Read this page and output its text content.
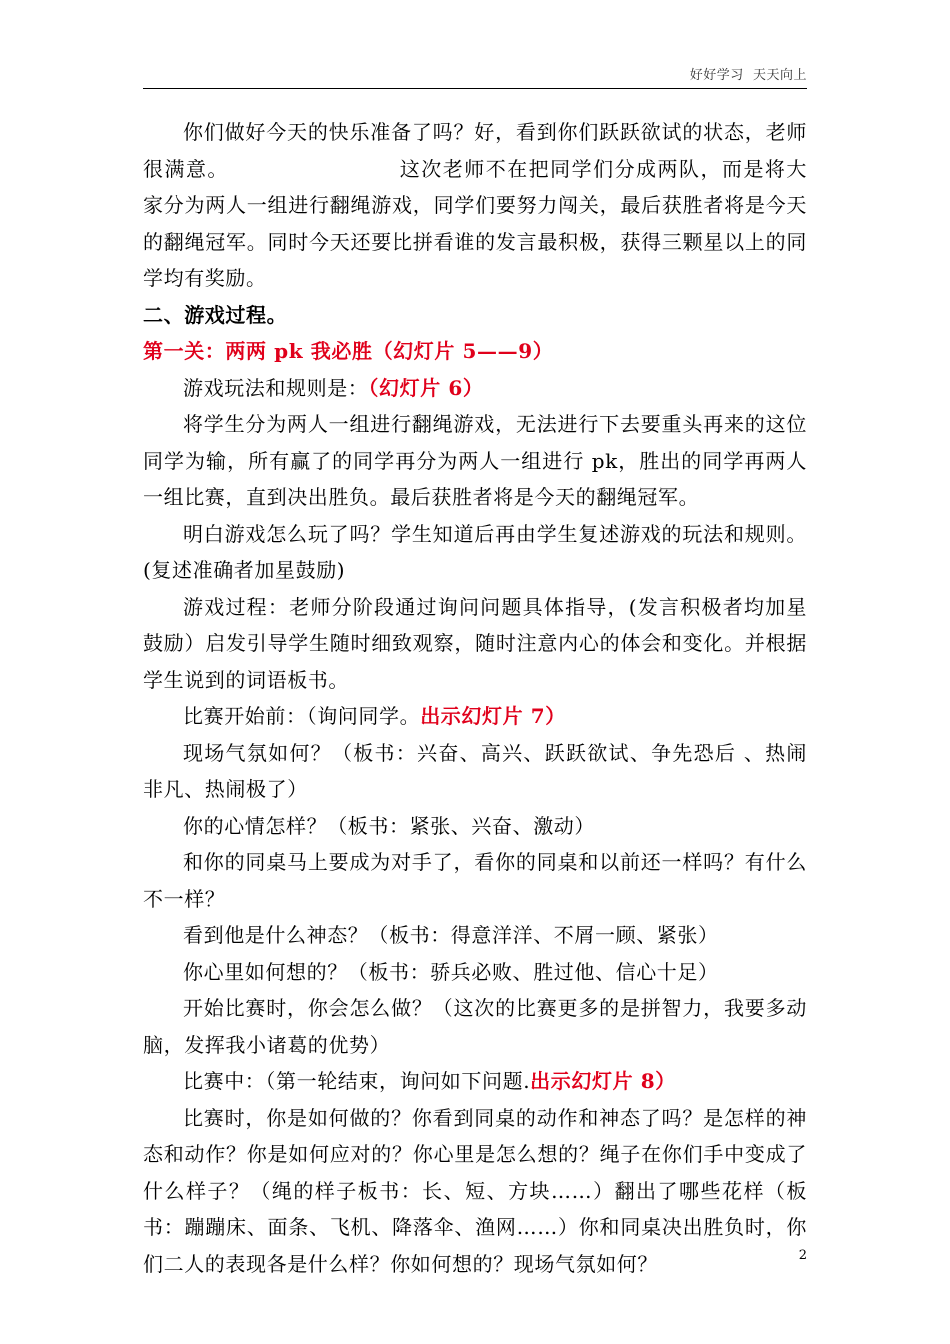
好好学习  天天向上

你们做好今天的快乐准备了吗？好，看到你们跃跃欲试的状态，老师很满意。	这次老师不在把同学们分成两队，而是将大家分为两人一组进行翻绳游戏，同学们要努力闯关，最后获胜者将是今天的翻绳冠军。同时今天还要比拼看谁的发言最积极，获得三颗星以上的同学均有奖励。

二、游戏过程。

第一关：两两 pk 我必胜（幻灯片 5——9）

游戏玩法和规则是：（幻灯片 6）

将学生分为两人一组进行翻绳游戏，无法进行下去要重头再来的这位同学为输，所有赢了的同学再分为两人一组进行 pk，胜出的同学再两人一组比赛，直到决出胜负。最后获胜者将是今天的翻绳冠军。

明白游戏怎么玩了吗？学生知道后再由学生复述游戏的玩法和规则。(复述准确者加星鼓励)

游戏过程：老师分阶段通过询问问题具体指导，(发言积极者均加星鼓励）启发引导学生随时细致观察，随时注意内心的体会和变化。并根据学生说到的词语板书。

比赛开始前：（询问同学。出示幻灯片 7）

现场气氛如何？（板书：兴奋、高兴、跃跃欲试、争先恐后 、热闹非凡、热闹极了）

你的心情怎样？（板书：紧张、兴奋、激动）

和你的同桌马上要成为对手了，看你的同桌和以前还一样吗？有什么不一样？

看到他是什么神态？（板书：得意洋洋、不屑一顾、紧张）

你心里如何想的？（板书：骄兵必败、胜过他、信心十足）

开始比赛时，你会怎么做？（这次的比赛更多的是拼智力，我要多动脑，发挥我小诸葛的优势）

比赛中：（第一轮结束，询问如下问题.出示幻灯片 8）

比赛时，你是如何做的？你看到同桌的动作和神态了吗？是怎样的神态和动作？你是如何应对的？你心里是怎么想的？绳子在你们手中变成了什么样子？（绳的样子板书：长、短、方块……）翻出了哪些花样（板书：蹦蹦床、面条、飞机、降落伞、渔网……）你和同桌决出胜负时，你们二人的表现各是什么样？你如何想的？现场气氛如何？	2
